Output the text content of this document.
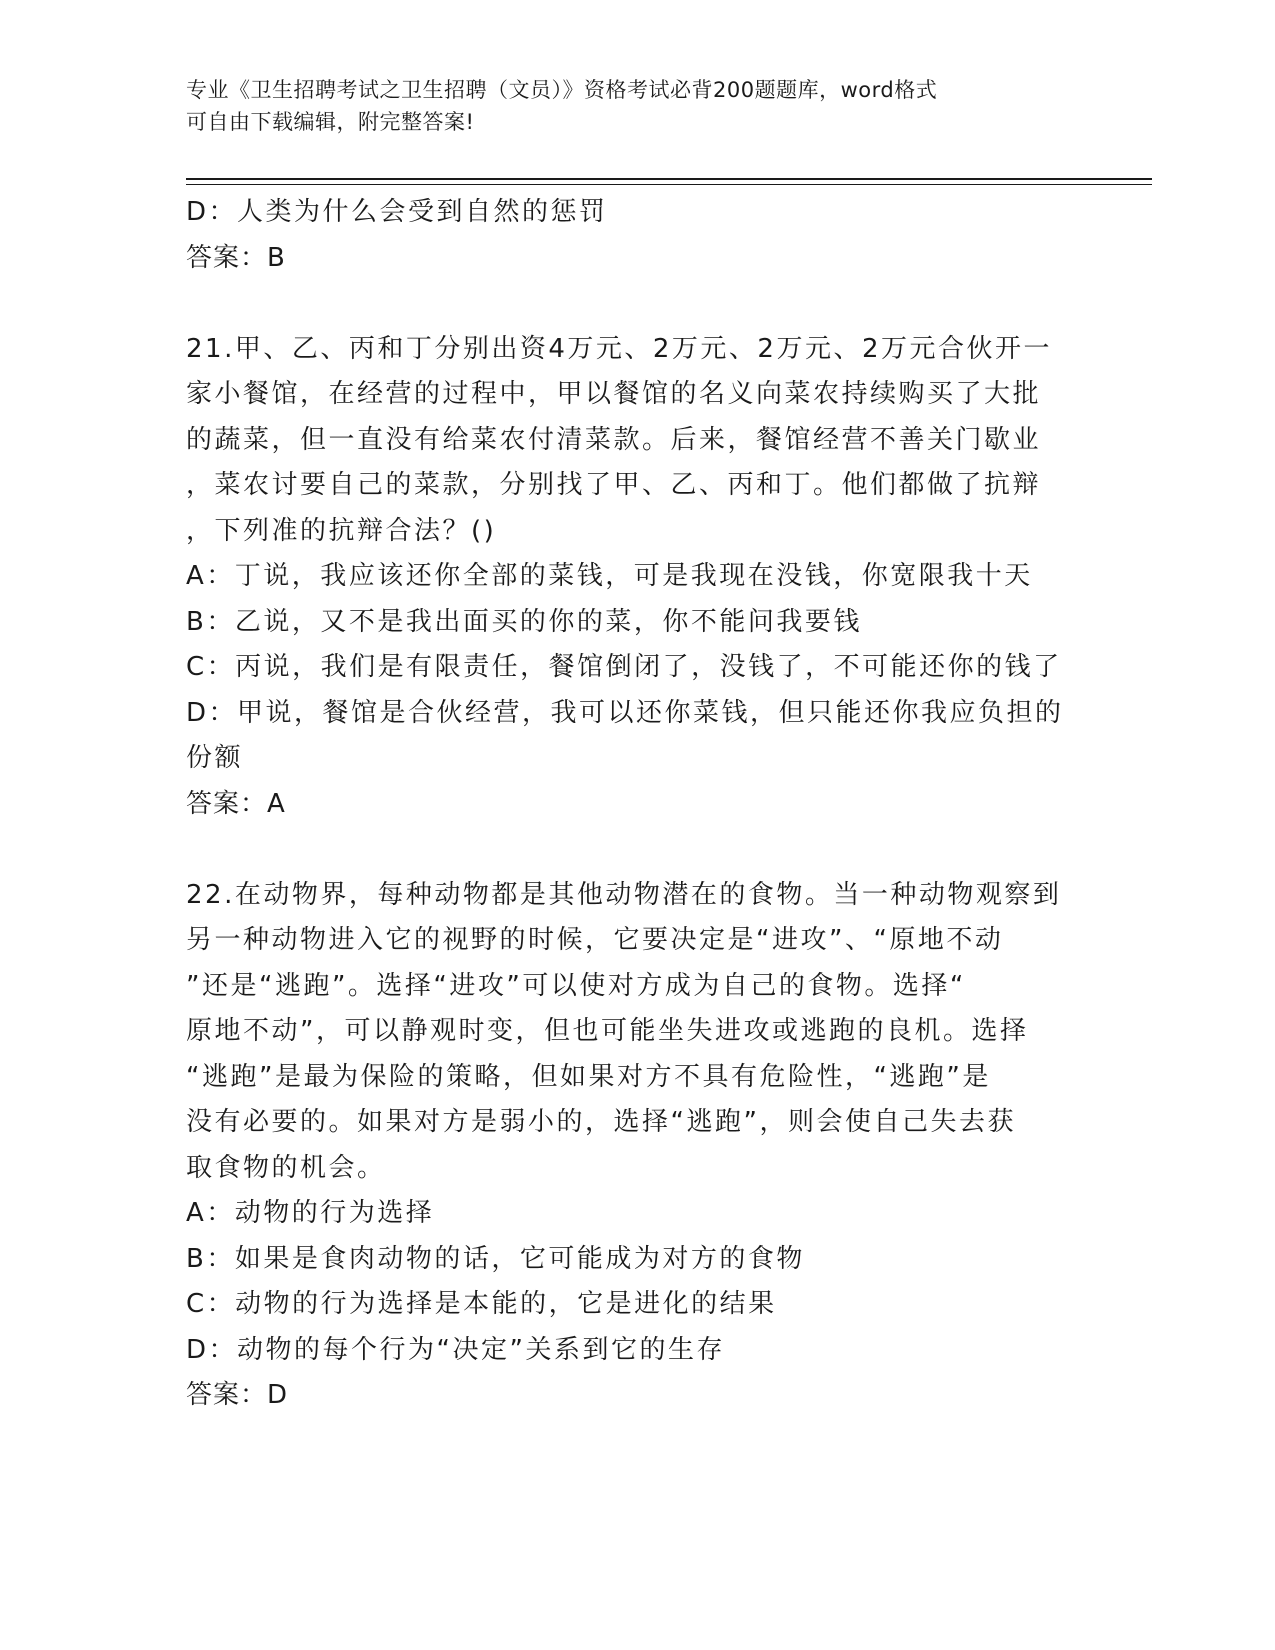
专业《卫生招聘考试之卫生招聘（文员）》资格考试必背200题题库，word格式
可自由下载编辑，附完整答案!
D：人类为什么会受到自然的惩罚
答案：B
21.甲、乙、丙和丁分别出资4万元、2万元、2万元、2万元合伙开一
家小餐馆，在经营的过程中，甲以餐馆的名义向菜农持续购买了大批
的蔬菜，但一直没有给菜农付清菜款。后来，餐馆经营不善关门歇业
，菜农讨要自己的菜款，分别找了甲、乙、丙和丁。他们都做了抗辩
，下列准的抗辩合法？()
A：丁说，我应该还你全部的菜钱，可是我现在没钱，你宽限我十天
B：乙说，又不是我出面买的你的菜，你不能问我要钱
C：丙说，我们是有限责任，餐馆倒闭了，没钱了，不可能还你的钱了
D：甲说，餐馆是合伙经营，我可以还你菜钱，但只能还你我应负担的
份额
答案：A
22.在动物界，每种动物都是其他动物潜在的食物。当一种动物观察到
另一种动物进入它的视野的时候，它要决定是“进攻”、“原地不动
”还是“逃跑”。选择“进攻”可以使对方成为自己的食物。选择“
原地不动”，可以静观时变，但也可能坐失进攻或逃跑的良机。选择
“逃跑”是最为保险的策略，但如果对方不具有危险性，“逃跑”是
没有必要的。如果对方是弱小的，选择“逃跑”，则会使自己失去获
取食物的机会。
A：动物的行为选择
B：如果是食肉动物的话，它可能成为对方的食物
C：动物的行为选择是本能的，它是进化的结果
D：动物的每个行为“决定”关系到它的生存
答案：D
